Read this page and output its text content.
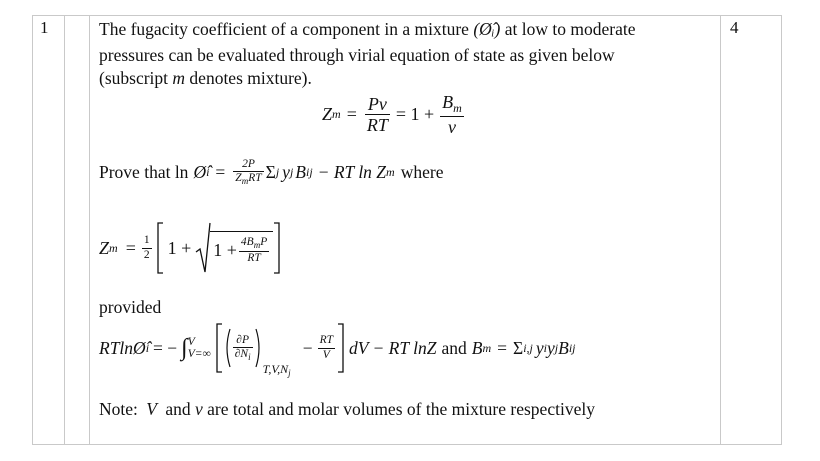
1	4
The fugacity coefficient of a component in a mixture (Ø̂ᵢ) at low to moderate
pressures can be evaluated through virial equation of state as given below
(subscript m denotes mixture).
Z $m = \frac{Pv}{RT} = 1 + \frac{B_m}{v}$
Prove that ln Ø̂ $i = \frac{2P}{Z_mRT}$ Σ j y j B ij − RT ln Z m where
Z $m = \frac{1}{2} 1 + 1 + \frac{4B_mP}{RT}$
provided
RTln Ø̂ i = − ∫ V
$V=\infty \frac{\partial P}{\partial N_i}$
$T,V,N_j$
− $\frac{RT}{V}$ dV − RT lnZ and B m = Σ i,j y i y j B ij
Note: V and v are total and molar volumes of the mixture respectively
